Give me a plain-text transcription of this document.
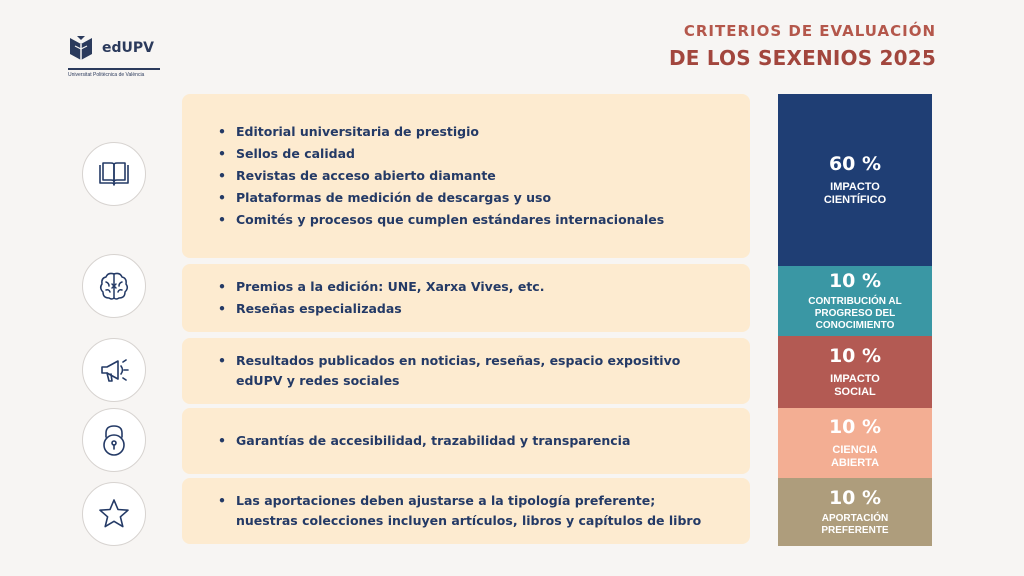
edUPV
Universitat Politècnica de València
CRITERIOS DE EVALUACIÓN
DE LOS SEXENIOS 2025
• Editorial universitaria de prestigio
• Sellos de calidad
• Revistas de acceso abierto diamante
• Plataformas de medición de descargas y uso
• Comités y procesos que cumplen estándares internacionales
60 %
IMPACTO CIENTÍFICO
• Premios a la edición: UNE, Xarxa Vives, etc.
• Reseñas especializadas
10 %
CONTRIBUCIÓN AL PROGRESO DEL CONOCIMIENTO
• Resultados publicados en noticias, reseñas, espacio expositivo edUPV y redes sociales
10 %
IMPACTO SOCIAL
• Garantías de accesibilidad, trazabilidad y transparencia
10 %
CIENCIA ABIERTA
• Las aportaciones deben ajustarse a la tipología preferente; nuestras colecciones incluyen artículos, libros y capítulos de libro
10 %
APORTACIÓN PREFERENTE
